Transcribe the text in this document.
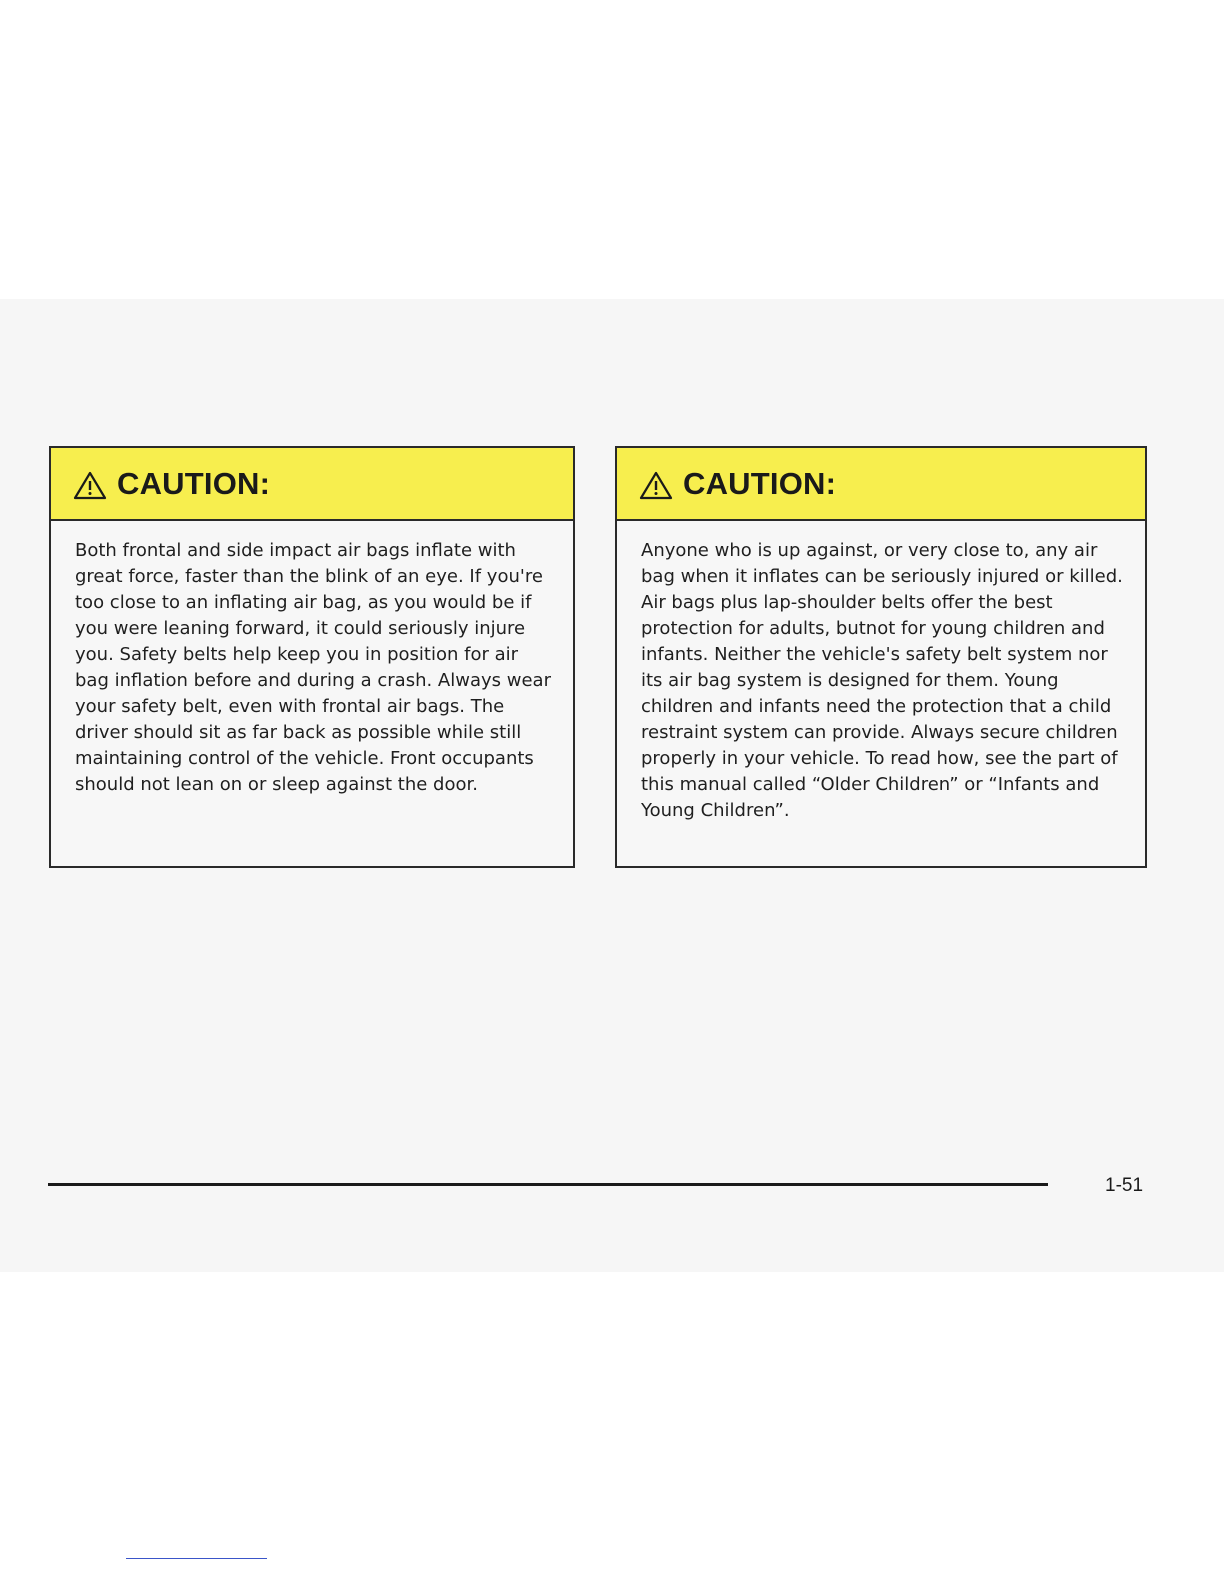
CAUTION:

Both frontal and side impact air bags inflate with great force, faster than the blink of an eye. If you're too close to an inflating air bag, as you would be if you were leaning forward, it could seriously injure you. Safety belts help keep you in position for air bag inflation before and during a crash. Always wear your safety belt, even with frontal air bags. The driver should sit as far back as possible while still maintaining control of the vehicle. Front occupants should not lean on or sleep against the door.

CAUTION:

Anyone who is up against, or very close to, any air bag when it inflates can be seriously injured or killed. Air bags plus lap-shoulder belts offer the best protection for adults, butnot for young children and infants. Neither the vehicle's safety belt system nor its air bag system is designed for them. Young children and infants need the protection that a child restraint system can provide. Always secure children properly in your vehicle. To read how, see the part of this manual called “Older Children” or “Infants and Young Children”.

1-51
